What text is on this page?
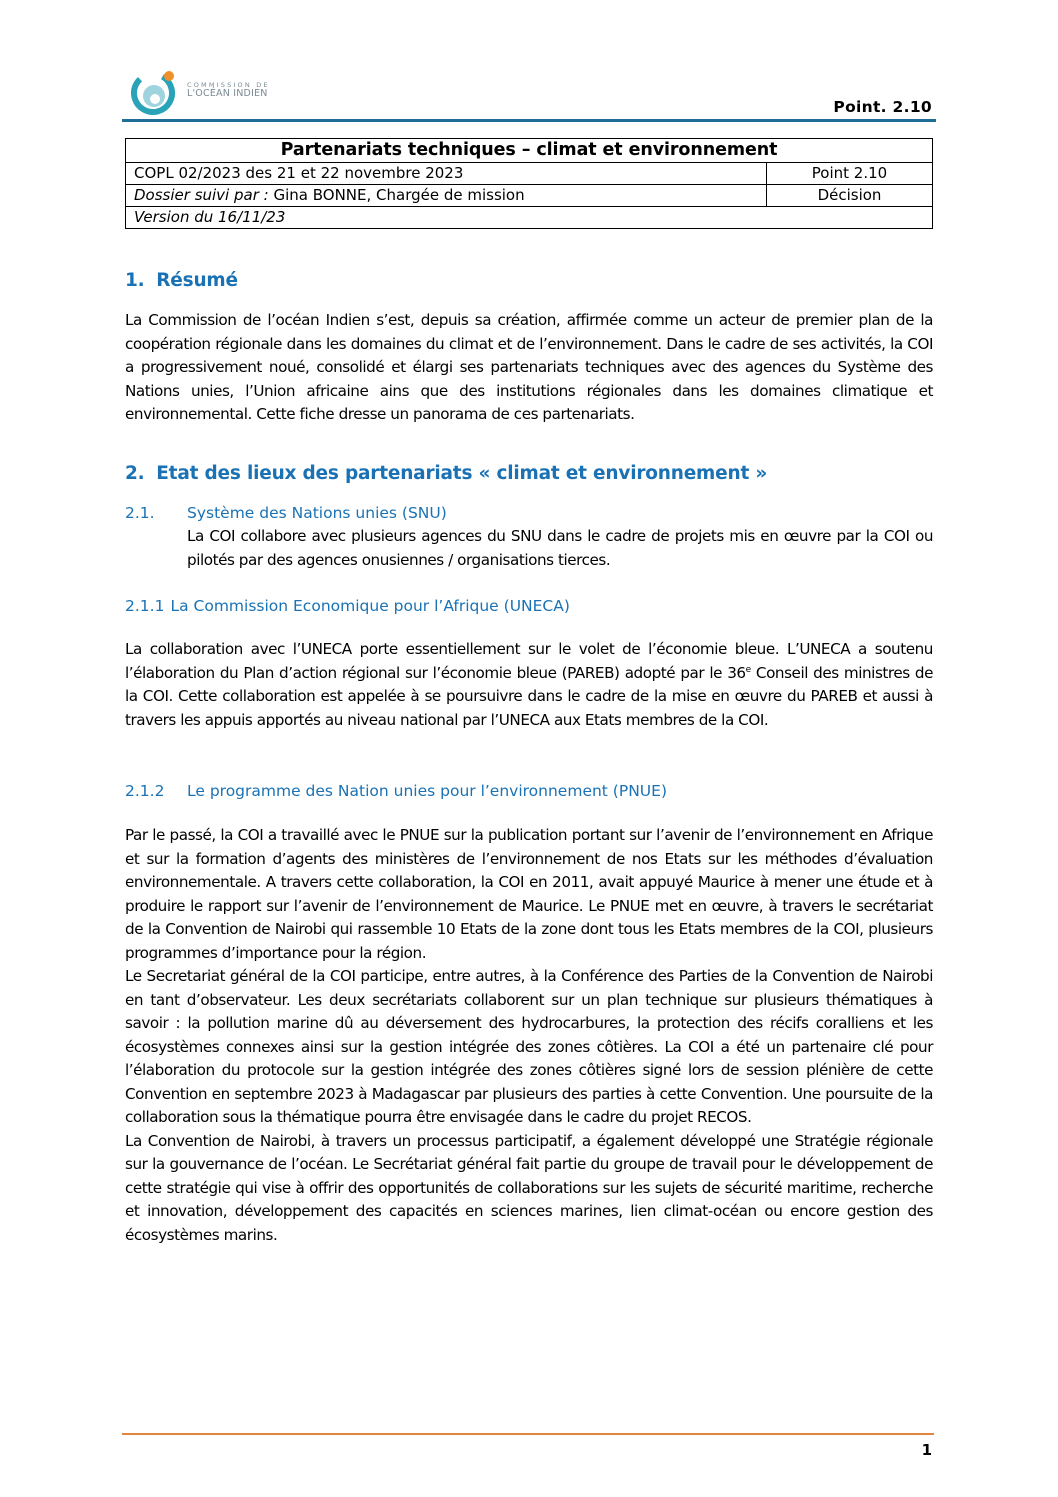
COMMISSION DE
L'OCÉAN INDIEN
Point. 2.10
Partenariats techniques – climat et environnement	
COPL 02/2023 des 21 et 22 novembre 2023	Point 2.10
Dossier suivi par : Gina BONNE, Chargée de mission	Décision
Version du 16/11/23	
1. Résumé

La Commission de l’océan Indien s’est, depuis sa création, affirmée comme un acteur de premier plan de la coopération régionale dans les domaines du climat et de l’environnement. Dans le cadre de ses activités, la COI a progressivement noué, consolidé et élargi ses partenariats techniques avec des agences du Système des Nations unies, l’Union africaine ains que des institutions régionales dans les domaines climatique et environnemental. Cette fiche dresse un panorama de ces partenariats.

2. Etat des lieux des partenariats « climat et environnement »
2.1. Système des Nations unies (SNU)

La COI collabore avec plusieurs agences du SNU dans le cadre de projets mis en œuvre par la COI ou pilotés par des agences onusiennes / organisations tierces.

2.1.1 La Commission Economique pour l’Afrique (UNECA)

La collaboration avec l’UNECA porte essentiellement sur le volet de l’économie bleue. L’UNECA a soutenu l’élaboration du Plan d’action régional sur l’économie bleue (PAREB) adopté par le 36e Conseil des ministres de la COI. Cette collaboration est appelée à se poursuivre dans le cadre de la mise en œuvre du PAREB et aussi à travers les appuis apportés au niveau national par l’UNECA aux Etats membres de la COI.

2.1.2 Le programme des Nation unies pour l’environnement (PNUE)

Par le passé, la COI a travaillé avec le PNUE sur la publication portant sur l’avenir de l’environnement en Afrique et sur la formation d’agents des ministères de l’environnement de nos Etats sur les méthodes d’évaluation environnementale. A travers cette collaboration, la COI en 2011, avait appuyé Maurice à mener une étude et à produire le rapport sur l’avenir de l’environnement de Maurice. Le PNUE met en œuvre, à travers le secrétariat de la Convention de Nairobi qui rassemble 10 Etats de la zone dont tous les Etats membres de la COI, plusieurs programmes d’importance pour la région.

Le Secretariat général de la COI participe, entre autres, à la Conférence des Parties de la Convention de Nairobi en tant d’observateur. Les deux secrétariats collaborent sur un plan technique sur plusieurs thématiques à savoir : la pollution marine dû au déversement des hydrocarbures, la protection des récifs coralliens et les écosystèmes connexes ainsi sur la gestion intégrée des zones côtières. La COI a été un partenaire clé pour l’élaboration du protocole sur la gestion intégrée des zones côtières signé lors de session plénière de cette Convention en septembre 2023 à Madagascar par plusieurs des parties à cette Convention. Une poursuite de la collaboration sous la thématique pourra être envisagée dans le cadre du projet RECOS.

La Convention de Nairobi, à travers un processus participatif, a également développé une Stratégie régionale sur la gouvernance de l’océan. Le Secrétariat général fait partie du groupe de travail pour le développement de cette stratégie qui vise à offrir des opportunités de collaborations sur les sujets de sécurité maritime, recherche et innovation, développement des capacités en sciences marines, lien climat-océan ou encore gestion des écosystèmes marins.

1
